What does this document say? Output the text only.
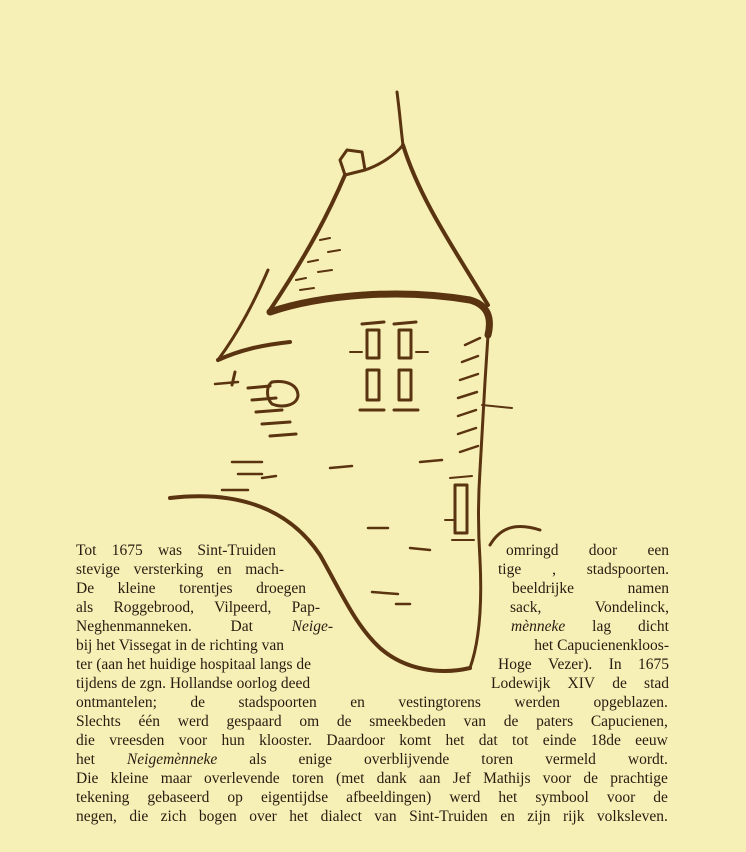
Tot 1675 was Sint-Truiden	omringd door een
stevige versterking en mach-	tige , stadspoorten.
De kleine torentjes droegen	beeldrijke	namen
als Roggebrood, Vilpeerd, Pap-	sack,	Vondelinck,
Neghenmanneken.	Dat	Neige-	mènneke lag dicht
bij het Vissegat in de richting van	het Capucienenkloos-
ter (aan het huidige hospitaal langs de	Hoge Vezer). In 1675
tijdens de zgn. Hollandse oorlog deed	Lodewijk XIV de stad
ontmantelen; de stadspoorten en vestingtorens werden opgeblazen.
Slechts één werd gespaard om de smeekbeden van de paters Capucienen,
die vreesden voor hun klooster. Daardoor komt het dat tot einde 18de eeuw
het Neigemènneke als enige overblijvende toren vermeld wordt.
Die kleine maar overlevende toren (met dank aan Jef Mathijs voor de prachtige
tekening gebaseerd op eigentijdse afbeeldingen) werd het symbool voor de
negen, die zich bogen over het dialect van Sint-Truiden en zijn rijk volksleven.
